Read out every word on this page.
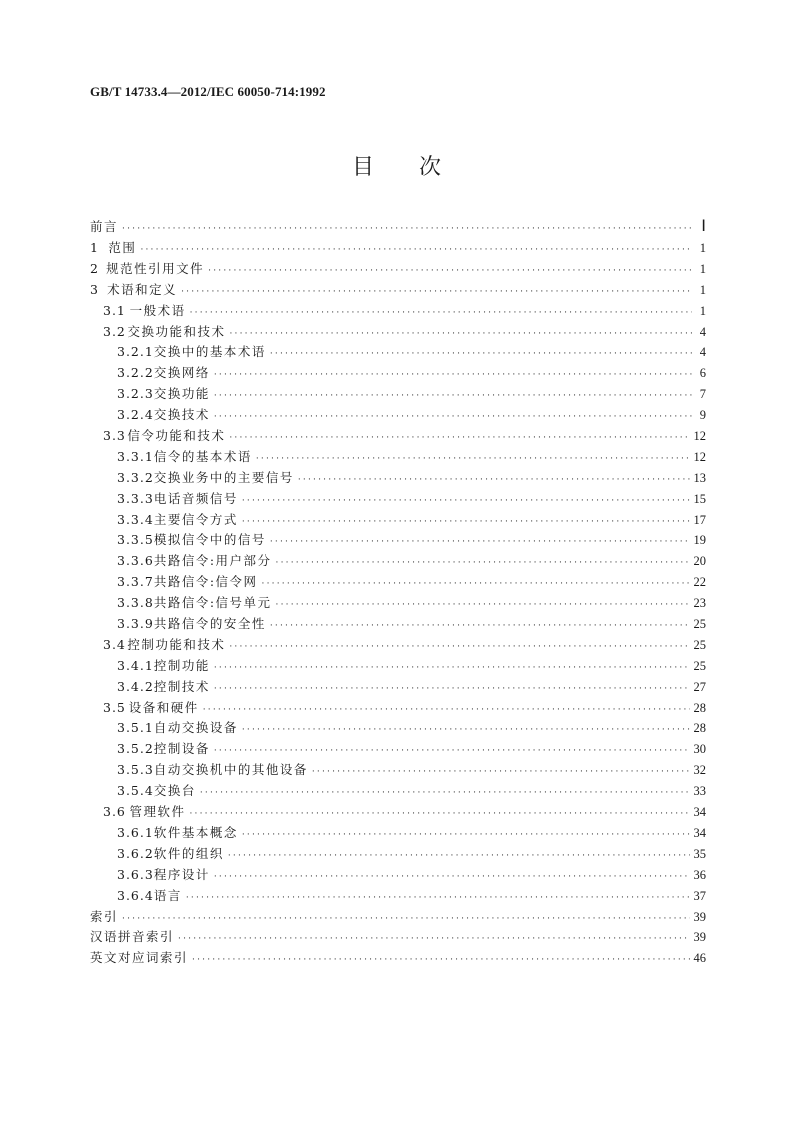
GB/T 14733.4—2012/IEC 60050-714:1992
目 次
前言 ·····	Ⅰ
1 范围 ·····	1
2 规范性引用文件 ·····	1
3 术语和定义 ·····	1
3.1 一般术语 ·····	1
3.2 交换功能和技术 ·····	4
3.2.1 交换中的基本术语 ·····	4
3.2.2 交换网络 ·····	6
3.2.3 交换功能 ·····	7
3.2.4 交换技术 ·····	9
3.3 信令功能和技术 ·····	12
3.3.1 信令的基本术语 ·····	12
3.3.2 交换业务中的主要信号 ·····	13
3.3.3 电话音频信号 ·····	15
3.3.4 主要信令方式 ·····	17
3.3.5 模拟信令中的信号 ·····	19
3.3.6 共路信令:用户部分 ·····	20
3.3.7 共路信令:信令网 ·····	22
3.3.8 共路信令:信号单元 ·····	23
3.3.9 共路信令的安全性 ·····	25
3.4 控制功能和技术 ·····	25
3.4.1 控制功能 ·····	25
3.4.2 控制技术 ·····	27
3.5 设备和硬件 ·····	28
3.5.1 自动交换设备 ·····	28
3.5.2 控制设备 ·····	30
3.5.3 自动交换机中的其他设备 ·····	32
3.5.4 交换台 ·····	33
3.6 管理软件 ·····	34
3.6.1 软件基本概念 ·····	34
3.6.2 软件的组织 ·····	35
3.6.3 程序设计 ·····	36
3.6.4 语言 ·····	37
索引 ·····	39
汉语拼音索引 ·····	39
英文对应词索引 ·····	46
